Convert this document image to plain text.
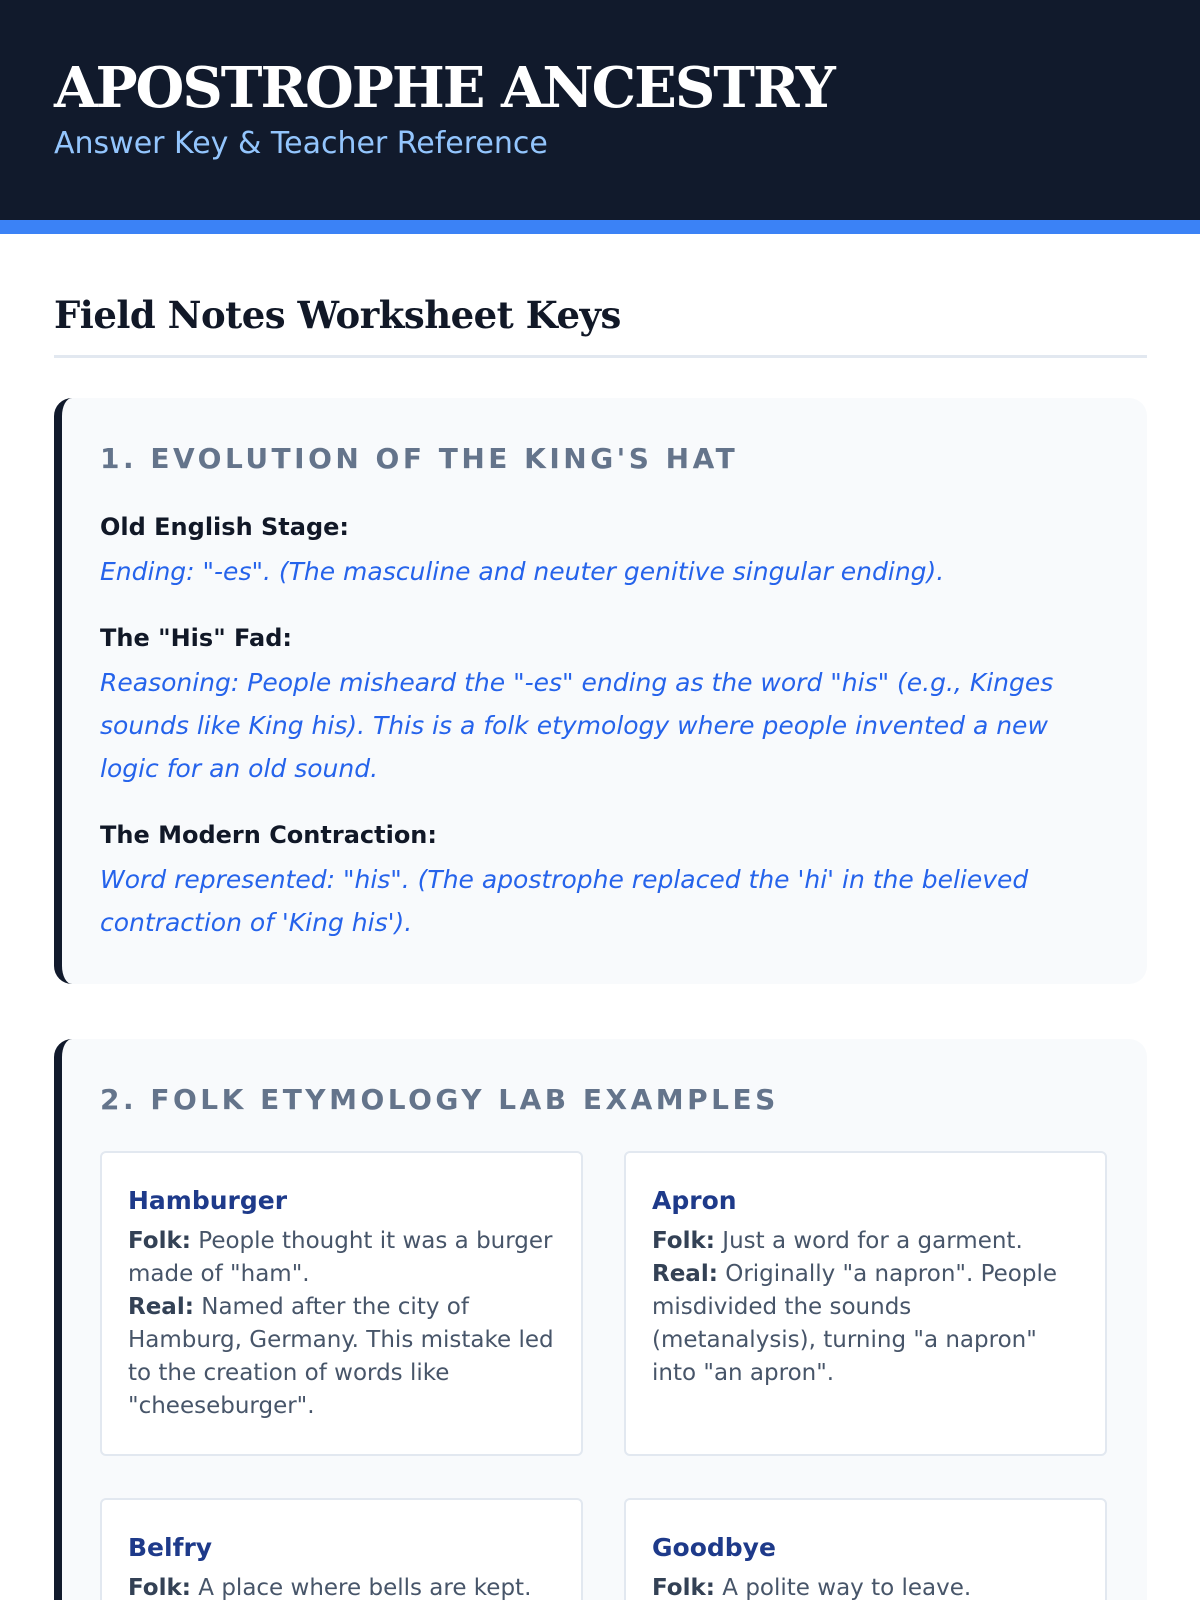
APOSTROPHE ANCESTRY

Answer Key & Teacher Reference

Field Notes Worksheet Keys
1. EVOLUTION OF THE KING'S HAT
Old English Stage:
Ending: "-es". (The masculine and neuter genitive singular ending).
The "His" Fad:
Reasoning: People misheard the "-es" ending as the word "his" (e.g., Kinges sounds like King his). This is a folk etymology where people invented a new logic for an old sound.
The Modern Contraction:
Word represented: "his". (The apostrophe replaced the 'hi' in the believed contraction of 'King his').
2. FOLK ETYMOLOGY LAB EXAMPLES
Hamburger
Folk: People thought it was a burger made of "ham".
Real: Named after the city of Hamburg, Germany. This mistake led to the creation of words like "cheeseburger".
Apron
Folk: Just a word for a garment.
Real: Originally "a napron". People misdivided the sounds (metanalysis), turning "a napron" into "an apron".
Belfry
Folk: A place where bells are kept.
Goodbye
Folk: A polite way to leave.
